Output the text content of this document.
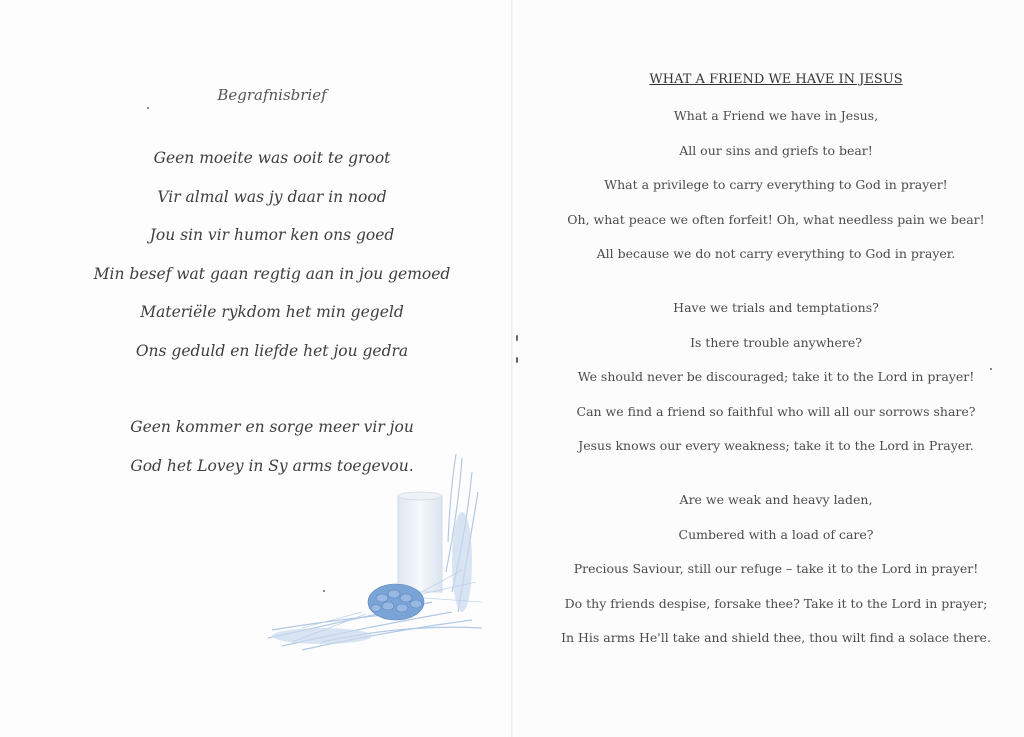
Begrafnisbrief
Geen moeite was ooit te groot
Vir almal was jy daar in nood
Jou sin vir humor ken ons goed
Min besef wat gaan regtig aan in jou gemoed
Materiële rykdom het min gegeld
Ons geduld en liefde het jou gedra
Geen kommer en sorge meer vir jou
God het Lovey in Sy arms toegevou.
WHAT A FRIEND WE HAVE IN JESUS
What a Friend we have in Jesus,
All our sins and griefs to bear!
What a privilege to carry everything to God in prayer!
Oh, what peace we often forfeit! Oh, what needless pain we bear!
All because we do not carry everything to God in prayer.
Have we trials and temptations?
Is there trouble anywhere?
We should never be discouraged; take it to the Lord in prayer!
Can we find a friend so faithful who will all our sorrows share?
Jesus knows our every weakness; take it to the Lord in Prayer.
Are we weak and heavy laden,
Cumbered with a load of care?
Precious Saviour, still our refuge – take it to the Lord in prayer!
Do thy friends despise, forsake thee? Take it to the Lord in prayer;
In His arms He'll take and shield thee, thou wilt find a solace there.
